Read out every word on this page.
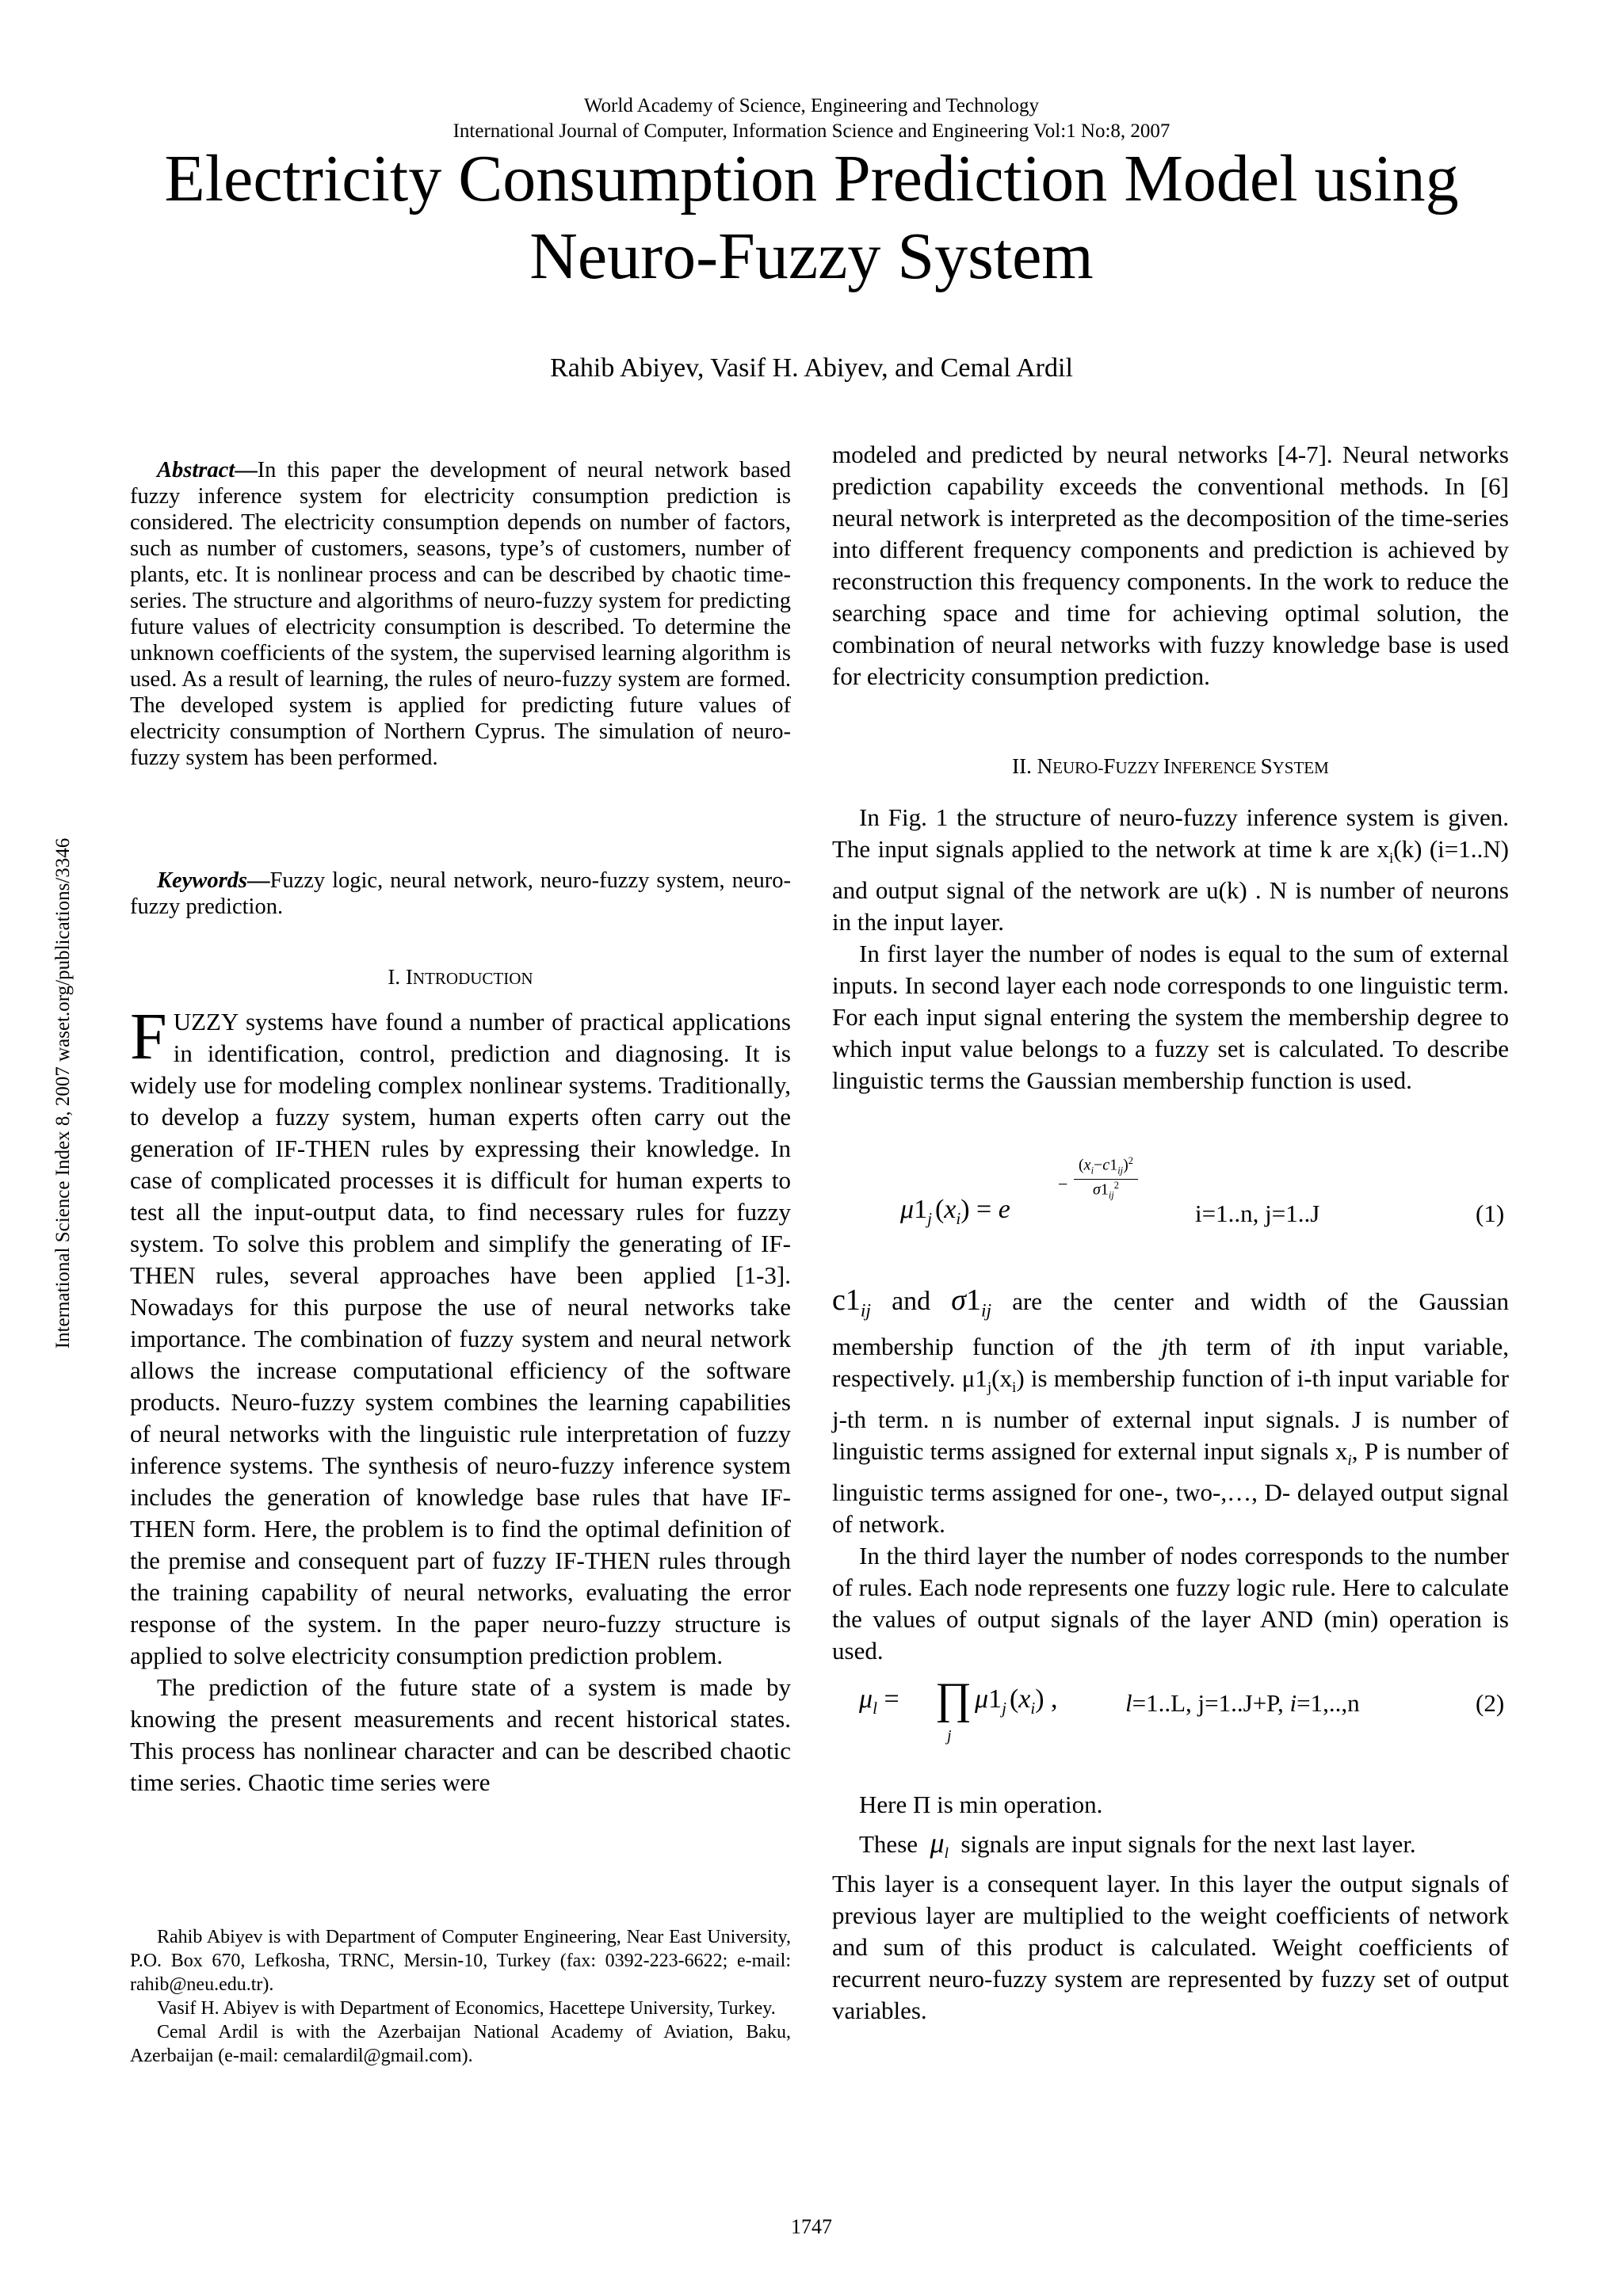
World Academy of Science, Engineering and Technology
International Journal of Computer, Information Science and Engineering Vol:1 No:8, 2007
Electricity Consumption Prediction Model using
Neuro-Fuzzy System
Rahib Abiyev, Vasif H. Abiyev, and Cemal Ardil
International Science Index 8, 2007 waset.org/publications/3346

Abstract—In this paper the development of neural network based fuzzy inference system for electricity consumption prediction is considered. The electricity consumption depends on number of factors, such as number of customers, seasons, type’s of customers, number of plants, etc. It is nonlinear process and can be described by chaotic time-series. The structure and algorithms of neuro-fuzzy system for predicting future values of electricity consumption is described. To determine the unknown coefficients of the system, the supervised learning algorithm is used. As a result of learning, the rules of neuro-fuzzy system are formed. The developed system is applied for predicting future values of electricity consumption of Northern Cyprus. The simulation of neuro-fuzzy system has been performed.

Keywords—Fuzzy logic, neural network, neuro-fuzzy system, neuro-fuzzy prediction.

I. INTRODUCTION

FUZZY systems have found a number of practical applications in identification, control, prediction and diagnosing. It is widely use for modeling complex nonlinear systems. Traditionally, to develop a fuzzy system, human experts often carry out the generation of IF-THEN rules by expressing their knowledge. In case of complicated processes it is difficult for human experts to test all the input-output data, to find necessary rules for fuzzy system. To solve this problem and simplify the generating of IF-THEN rules, several approaches have been applied [1-3]. Nowadays for this purpose the use of neural networks take importance. The combination of fuzzy system and neural network allows the increase computational efficiency of the software products. Neuro-fuzzy system combines the learning capabilities of neural networks with the linguistic rule interpretation of fuzzy inference systems. The synthesis of neuro-fuzzy inference system includes the generation of knowledge base rules that have IF-THEN form. Here, the problem is to find the optimal definition of the premise and consequent part of fuzzy IF-THEN rules through the training capability of neural networks, evaluating the error response of the system. In the paper neuro-fuzzy structure is applied to solve electricity consumption prediction problem.

The prediction of the future state of a system is made by knowing the present measurements and recent historical states. This process has nonlinear character and can be described chaotic time series. Chaotic time series were

Rahib Abiyev is with Department of Computer Engineering, Near East University, P.O. Box 670, Lefkosha, TRNC, Mersin-10, Turkey (fax: 0392-223-6622; e-mail: rahib@neu.edu.tr).

Vasif H. Abiyev is with Department of Economics, Hacettepe University, Turkey.

Cemal Ardil is with the Azerbaijan National Academy of Aviation, Baku, Azerbaijan (e-mail: cemalardil@gmail.com).

modeled and predicted by neural networks [4-7]. Neural networks prediction capability exceeds the conventional methods. In [6] neural network is interpreted as the decomposition of the time-series into different frequency components and prediction is achieved by reconstruction this frequency components. In the work to reduce the searching space and time for achieving optimal solution, the combination of neural networks with fuzzy knowledge base is used for electricity consumption prediction.

II. NEURO-FUZZY INFERENCE SYSTEM

In Fig. 1 the structure of neuro-fuzzy inference system is given. The input signals applied to the network at time k are $x_i(k)$ (i=1..N) and output signal of the network are u(k) . N is number of neurons in the input layer.

In first layer the number of nodes is equal to the sum of external inputs. In second layer each node corresponds to one linguistic term. For each input signal entering the system the membership degree to which input value belongs to a fuzzy set is calculated. To describe linguistic terms the Gaussian membership function is used.

$\mu 1_j$ $(x_i) = e$
−
$(x_i-c1_{ij})^2$
$\sigma 1_{ij}^2$
i=1..n, j=1..J	(1)
$c1_{ij}$ and $\sigma 1_{ij}$ are the center and width of the Gaussian

membership function of the jth term of ith input variable, respectively. $\mu 1_j(x_i)$ is membership function of i-th input variable for j-th term. n is number of external input signals. J is number of linguistic terms assigned for external input signals $x_i$, P is number of linguistic terms assigned for one-, two-,…, D- delayed output signal of network.

In the third layer the number of nodes corresponds to the number of rules. Each node represents one fuzzy logic rule. Here to calculate the values of output signals of the layer AND (min) operation is used.

$\mu_l$ = ∏
j
$\mu 1_j$ $(x_i)$ ,	l=1..L, j=1..J+P, i=1,..,n	(2)
Here Π is min operation.
These $\mu_l$ signals are input signals for the next last layer.
This layer is a consequent layer. In this layer the output signals of previous layer are multiplied to the weight coefficients of network and sum of this product is calculated. Weight coefficients of recurrent neuro-fuzzy system are represented by fuzzy set of output variables.
1747
